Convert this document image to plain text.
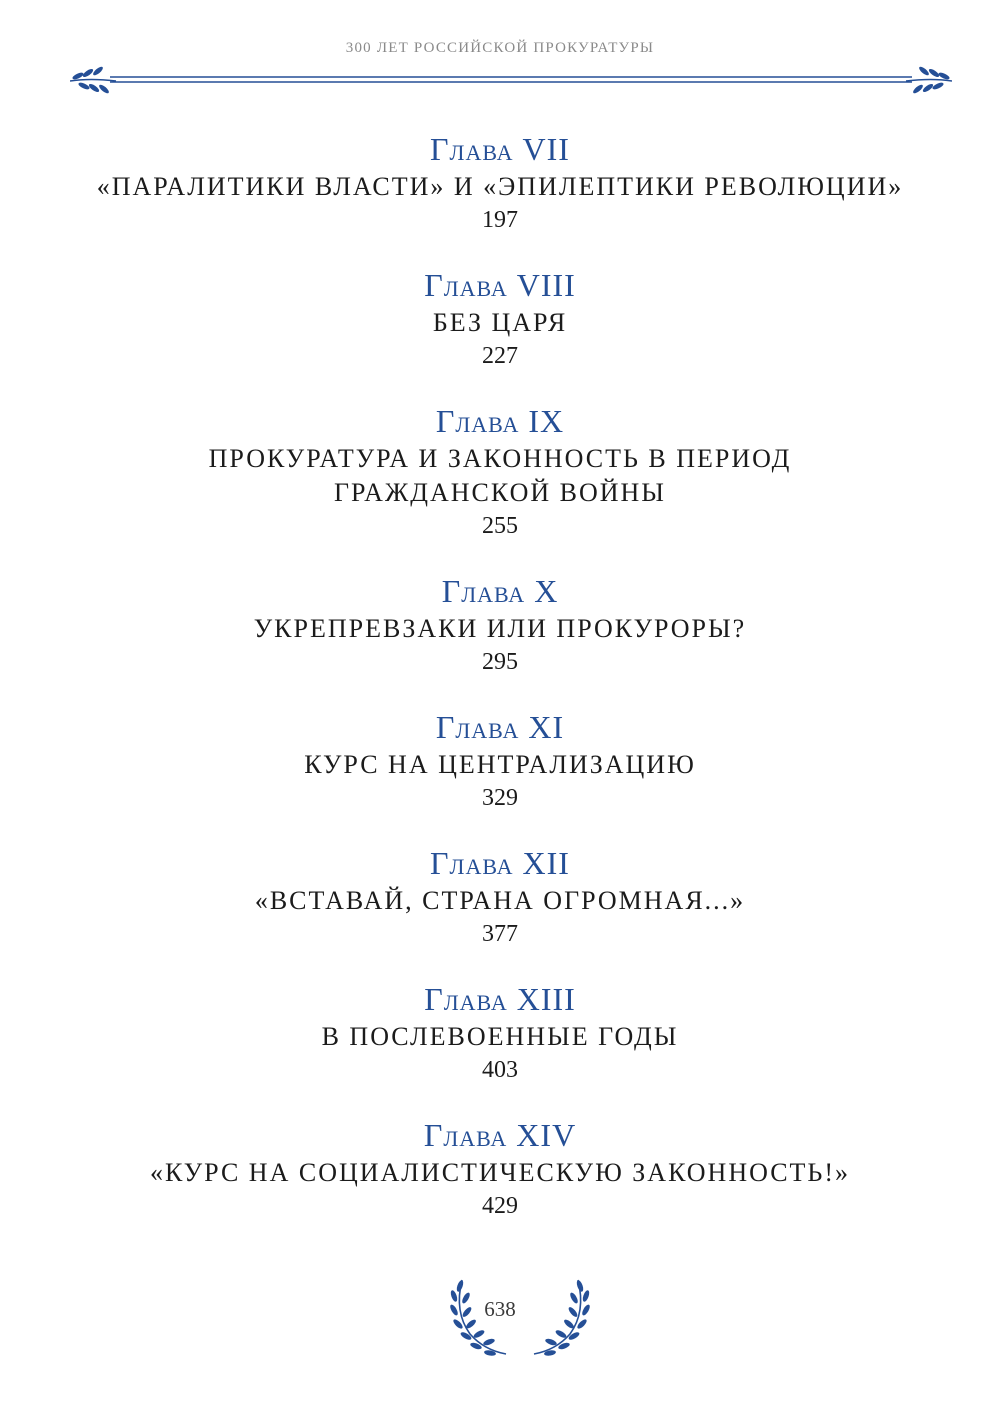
300 ЛЕТ РОССИЙСКОЙ ПРОКУРАТУРЫ
Глава VII
«ПАРАЛИТИКИ ВЛАСТИ» И «ЭПИЛЕПТИКИ РЕВОЛЮЦИИ»
197
Глава VIII
БЕЗ ЦАРЯ
227
Глава IX
ПРОКУРАТУРА И ЗАКОННОСТЬ В ПЕРИОД
ГРАЖДАНСКОЙ ВОЙНЫ
255
Глава X
УКРЕПРЕВЗАКИ ИЛИ ПРОКУРОРЫ?
295
Глава XI
КУРС НА ЦЕНТРАЛИЗАЦИЮ
329
Глава XII
«ВСТАВАЙ, СТРАНА ОГРОМНАЯ...»
377
Глава XIII
В ПОСЛЕВОЕННЫЕ ГОДЫ
403
Глава XIV
«КУРС НА СОЦИАЛИСТИЧЕСКУЮ ЗАКОННОСТЬ!»
429
638
